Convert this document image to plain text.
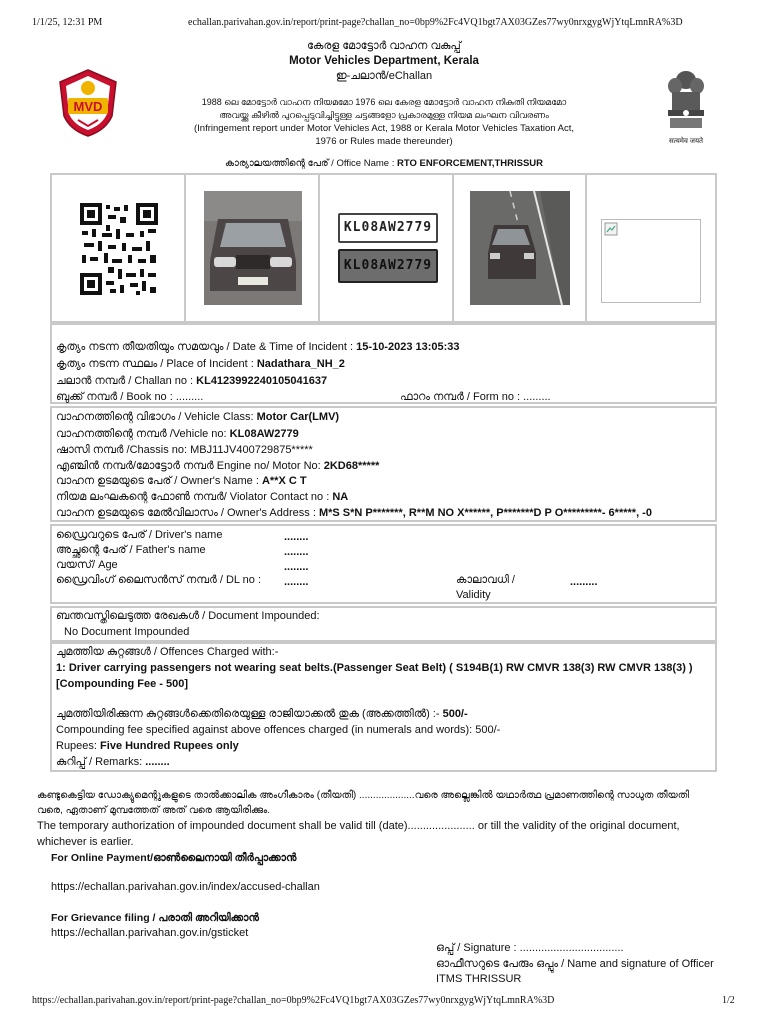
1/1/25, 12:31 PM	echallan.parivahan.gov.in/report/print-page?challan_no=0bp9%2Fc4VQ1bgt7AX03GZes77wy0nrxgygWjYtqLmnRA%3D
MVD
सत्यमेव जयते
കേരള മോട്ടോർ വാഹന വകുപ്പ്
Motor Vehicles Department, Kerala
ഇ-ചലാൻ/eChallan
1988 ലെ മോട്ടോർ വാഹന നിയമമോ 1976 ലെ കേരള മോട്ടോർ വാഹന നികുതി നിയമമോ
അവയ്ക്കു കീഴിൽ പുറപ്പെടുവിച്ചിട്ടുള്ള ചട്ടങ്ങളോ പ്രകാരമുള്ള നിയമ ലംഘന വിവരണം
(Infringement report under Motor Vehicles Act, 1988 or Kerala Motor Vehicles Taxation Act,
1976 or Rules made thereunder)
കാര്യാലയത്തിന്റെ പേര് / Office Name : RTO ENFORCEMENT,THRISSUR
KL08AW2779
KL08AW2779
കൃത്യം നടന്ന തീയതിയും സമയവും / Date & Time of Incident : 15-10-2023 13:05:33
കൃത്യം നടന്ന സ്ഥലം / Place of Incident : Nadathara_NH_2
ചലാൻ നമ്പർ / Challan no : KL412399224010504163​7
ബുക്ക് നമ്പർ / Book no : .........	ഫാറം നമ്പർ / Form no : .........
വാഹനത്തിന്റെ വിഭാഗം / Vehicle Class: Motor Car(LMV)
വാഹനത്തിന്റെ നമ്പർ /Vehicle no: KL08AW2779
ഷാസി നമ്പർ /Chassis no: MBJ11JV400729875*****
എഞ്ചിൻ നമ്പർ/മോട്ടോർ നമ്പർ Engine no/ Motor No: 2KD68*****
വാഹന ഉടമയുടെ പേര് / Owner's Name : A**X C T
നിയമ ലംഘകന്റെ ഫോൺ നമ്പർ/ Violator Contact no : NA
വാഹന ഉടമയുടെ മേൽവിലാസം / Owner's Address : M*S S*N P*******, R**M NO X******, P*******D P O*********- 6*****, -0
ഡ്രൈവറുടെ പേര് / Driver's name	........
അച്ഛന്റെ പേര് / Father's name	........
വയസ്/ Age	........
ഡ്രൈവിംഗ് ലൈസൻസ് നമ്പർ / DL no : ........	കാലാവധി /
Validity
.........
ബന്തവസ്തിലെടുത്ത രേഖകൾ / Document Impounded:
No Document Impounded
ചുമത്തിയ കുറ്റങ്ങൾ / Offences Charged with:-
1: Driver carrying passengers not wearing seat belts.(Passenger Seat Belt) ( S194B(1) RW CMVR 138(3) RW CMVR 138(3) )
[Compounding Fee - 500]
ചുമത്തിയിരിക്കുന്ന കുറ്റങ്ങൾക്കെതിരെയുള്ള രാജിയാക്കൽ തുക (അക്കത്തിൽ) :- 500/-
Compounding fee specified against above offences charged (in numerals and words): 500/-
Rupees: Five Hundred Rupees only
കുറിപ്പ് / Remarks: ........
കണ്ടുകെട്ടിയ ഡോക്യുമെന്റുകളുടെ താൽക്കാലിക അംഗീകാരം (തീയതി) ....................വരെ അല്ലെങ്കിൽ യഥാർത്ഥ പ്രമാണത്തിന്റെ സാധുത തീയതി
വരെ, ഏതാണ് മുമ്പത്തേത് അത് വരെ ആയിരിക്കും.
The temporary authorization of impounded document shall be valid till (date)...................... or till the validity of the original document,
whichever is earlier.
For Online Payment/ഓൺലൈനായി തീർപ്പാക്കാൻ
https://echallan.parivahan.gov.in/index/accused-challan
For Grievance filing / പരാതി അറിയിക്കാൻ
https://echallan.parivahan.gov.in/gsticket
ഒപ്പ് / Signature : ..................................
ഓഫീസറുടെ പേരും ഒപ്പും / Name and signature of Officer
ITMS THRISSUR
https://echallan.parivahan.gov.in/report/print-page?challan_no=0bp9%2Fc4VQ1bgt7AX03GZes77wy0nrxgygWjYtqLmnRA%3D	1/2
